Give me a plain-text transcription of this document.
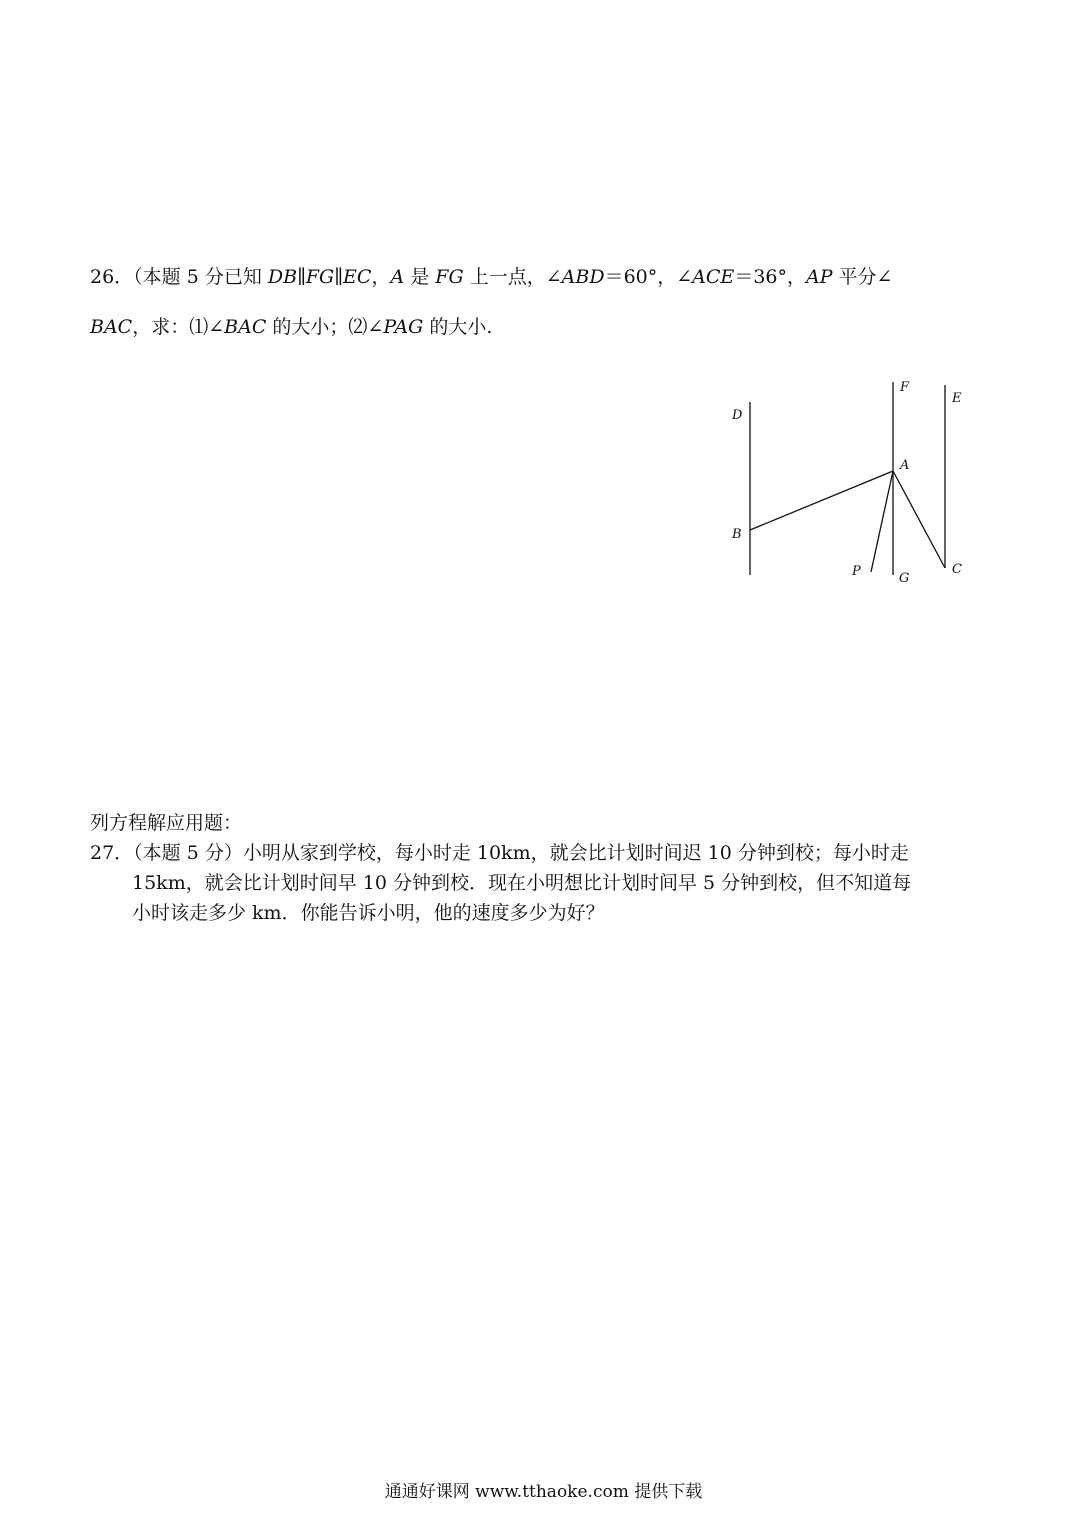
26．（本题 5 分已知 DB∥FG∥EC，A 是 FG 上一点，∠ABD＝60°，∠ACE＝36°，AP 平分∠
BAC，求：⑴∠BAC 的大小；⑵∠PAG 的大小.
D
F
E
A
B
P	G
C
列方程解应用题：
27．（本题 5 分）小明从家到学校，每小时走 10km，就会比计划时间迟 10 分钟到校；每小时走
15km，就会比计划时间早 10 分钟到校．现在小明想比计划时间早 5 分钟到校，但不知道每
小时该走多少 km．你能告诉小明，他的速度多少为好？
通通好课网 www.tthaoke.com 提供下载
